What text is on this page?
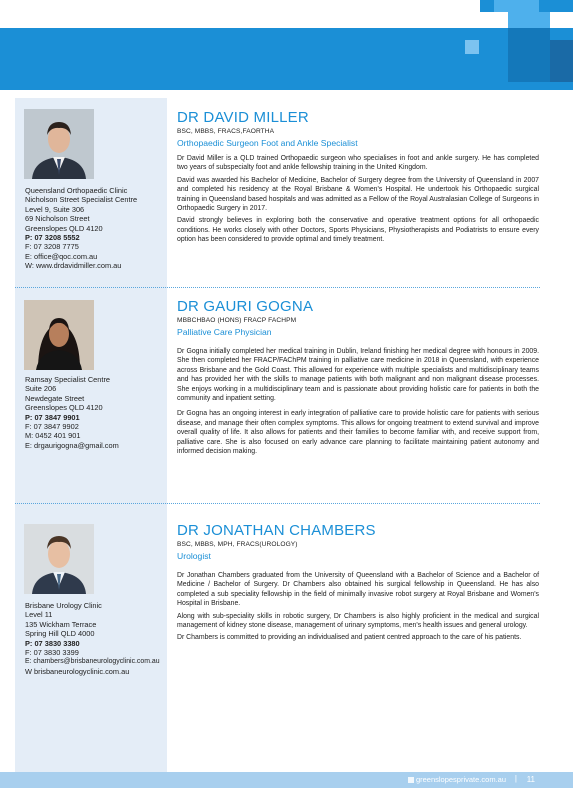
Queensland Orthopaedic Clinic
Nicholson Street Specialist Centre
Level 9, Suite 306
69 Nicholson Street
Greenslopes QLD 4120
P: 07 3208 5552
F: 07 3208 7775
E: office@qoc.com.au
W: www.drdavidmiller.com.au
DR DAVID MILLER
BSC, MBBS, FRACS,FAORTHA
Orthopaedic Surgeon Foot and Ankle Specialist

Dr David Miller is a QLD trained Orthopaedic surgeon who specialises in foot and ankle surgery. He has completed two years of subspecialty foot and ankle fellowship training in the United Kingdom.

David was awarded his Bachelor of Medicine, Bachelor of Surgery degree from the University of Queensland in 2007 and completed his residency at the Royal Brisbane & Women's Hospital. He undertook his Orthopaedic surgical training in Queensland based hospitals and was admitted as a Fellow of the Royal Australasian College of Surgeons in Orthopaedic Surgery in 2017.

David strongly believes in exploring both the conservative and operative treatment options for all orthopaedic conditions. He works closely with other Doctors, Sports Physicians, Physiotherapists and Podiatrists to ensure every option has been considered to provide optimal and timely treatment.

Ramsay Specialist Centre
Suite 206
Newdegate Street
Greenslopes QLD 4120
P: 07 3847 9901
F: 07 3847 9902
M: 0452 401 901
E: drgaurigogna@gmail.com
DR GAURI GOGNA
MBBCHBAO (HONS) FRACP FACHPM
Palliative Care Physician

Dr Gogna initially completed her medical training in Dublin, Ireland finishing her medical degree with honours in 2009. She then completed her FRACP/FAChPM training in palliative care medicine in 2018 in Queensland, with experience across Brisbane and the Gold Coast. This allowed for experience with multiple specialists and multidisciplinary teams and has provided her with the skills to manage patients with both malignant and non malignant disease processes. She enjoys working in a multidisciplinary team and is passionate about providing holistic care for patients in both the community and inpatient setting.

Dr Gogna has an ongoing interest in early integration of palliative care to provide holistic care for patients with serious disease, and manage their often complex symptoms. This allows for ongoing treatment to extend survival and improve overall quality of life. It also allows for patients and their families to become familiar with, and receive support from, palliative care. She is also focused on early advance care planning to facilitate maintaining patient autonomy and informed decision making.

Brisbane Urology Clinic
Level 11
135 Wickham Terrace
Spring Hill QLD 4000
P: 07 3830 3380
F: 07 3830 3399
E: chambers@brisbaneurologyclinic.com.au
W brisbaneurologyclinic.com.au
DR JONATHAN CHAMBERS
BSC, MBBS, MPH, FRACS(UROLOGY)
Urologist

Dr Jonathan Chambers graduated from the University of Queensland with a Bachelor of Science and a Bachelor of Medicine / Bachelor of Surgery. Dr Chambers also obtained his surgical fellowship in Queensland. He has also completed a sub speciality fellowship in the field of minimally invasive robot surgery at Royal Brisbane and Women's Hospital in Brisbane.

Along with sub-speciality skills in robotic surgery, Dr Chambers is also highly proficient in the medical and surgical management of kidney stone disease, management of urinary symptoms, men's health issues and general urology.

Dr Chambers is committed to providing an individualised and patient centred approach to the care of his patients.

greenslopesprivate.com.au | 11
